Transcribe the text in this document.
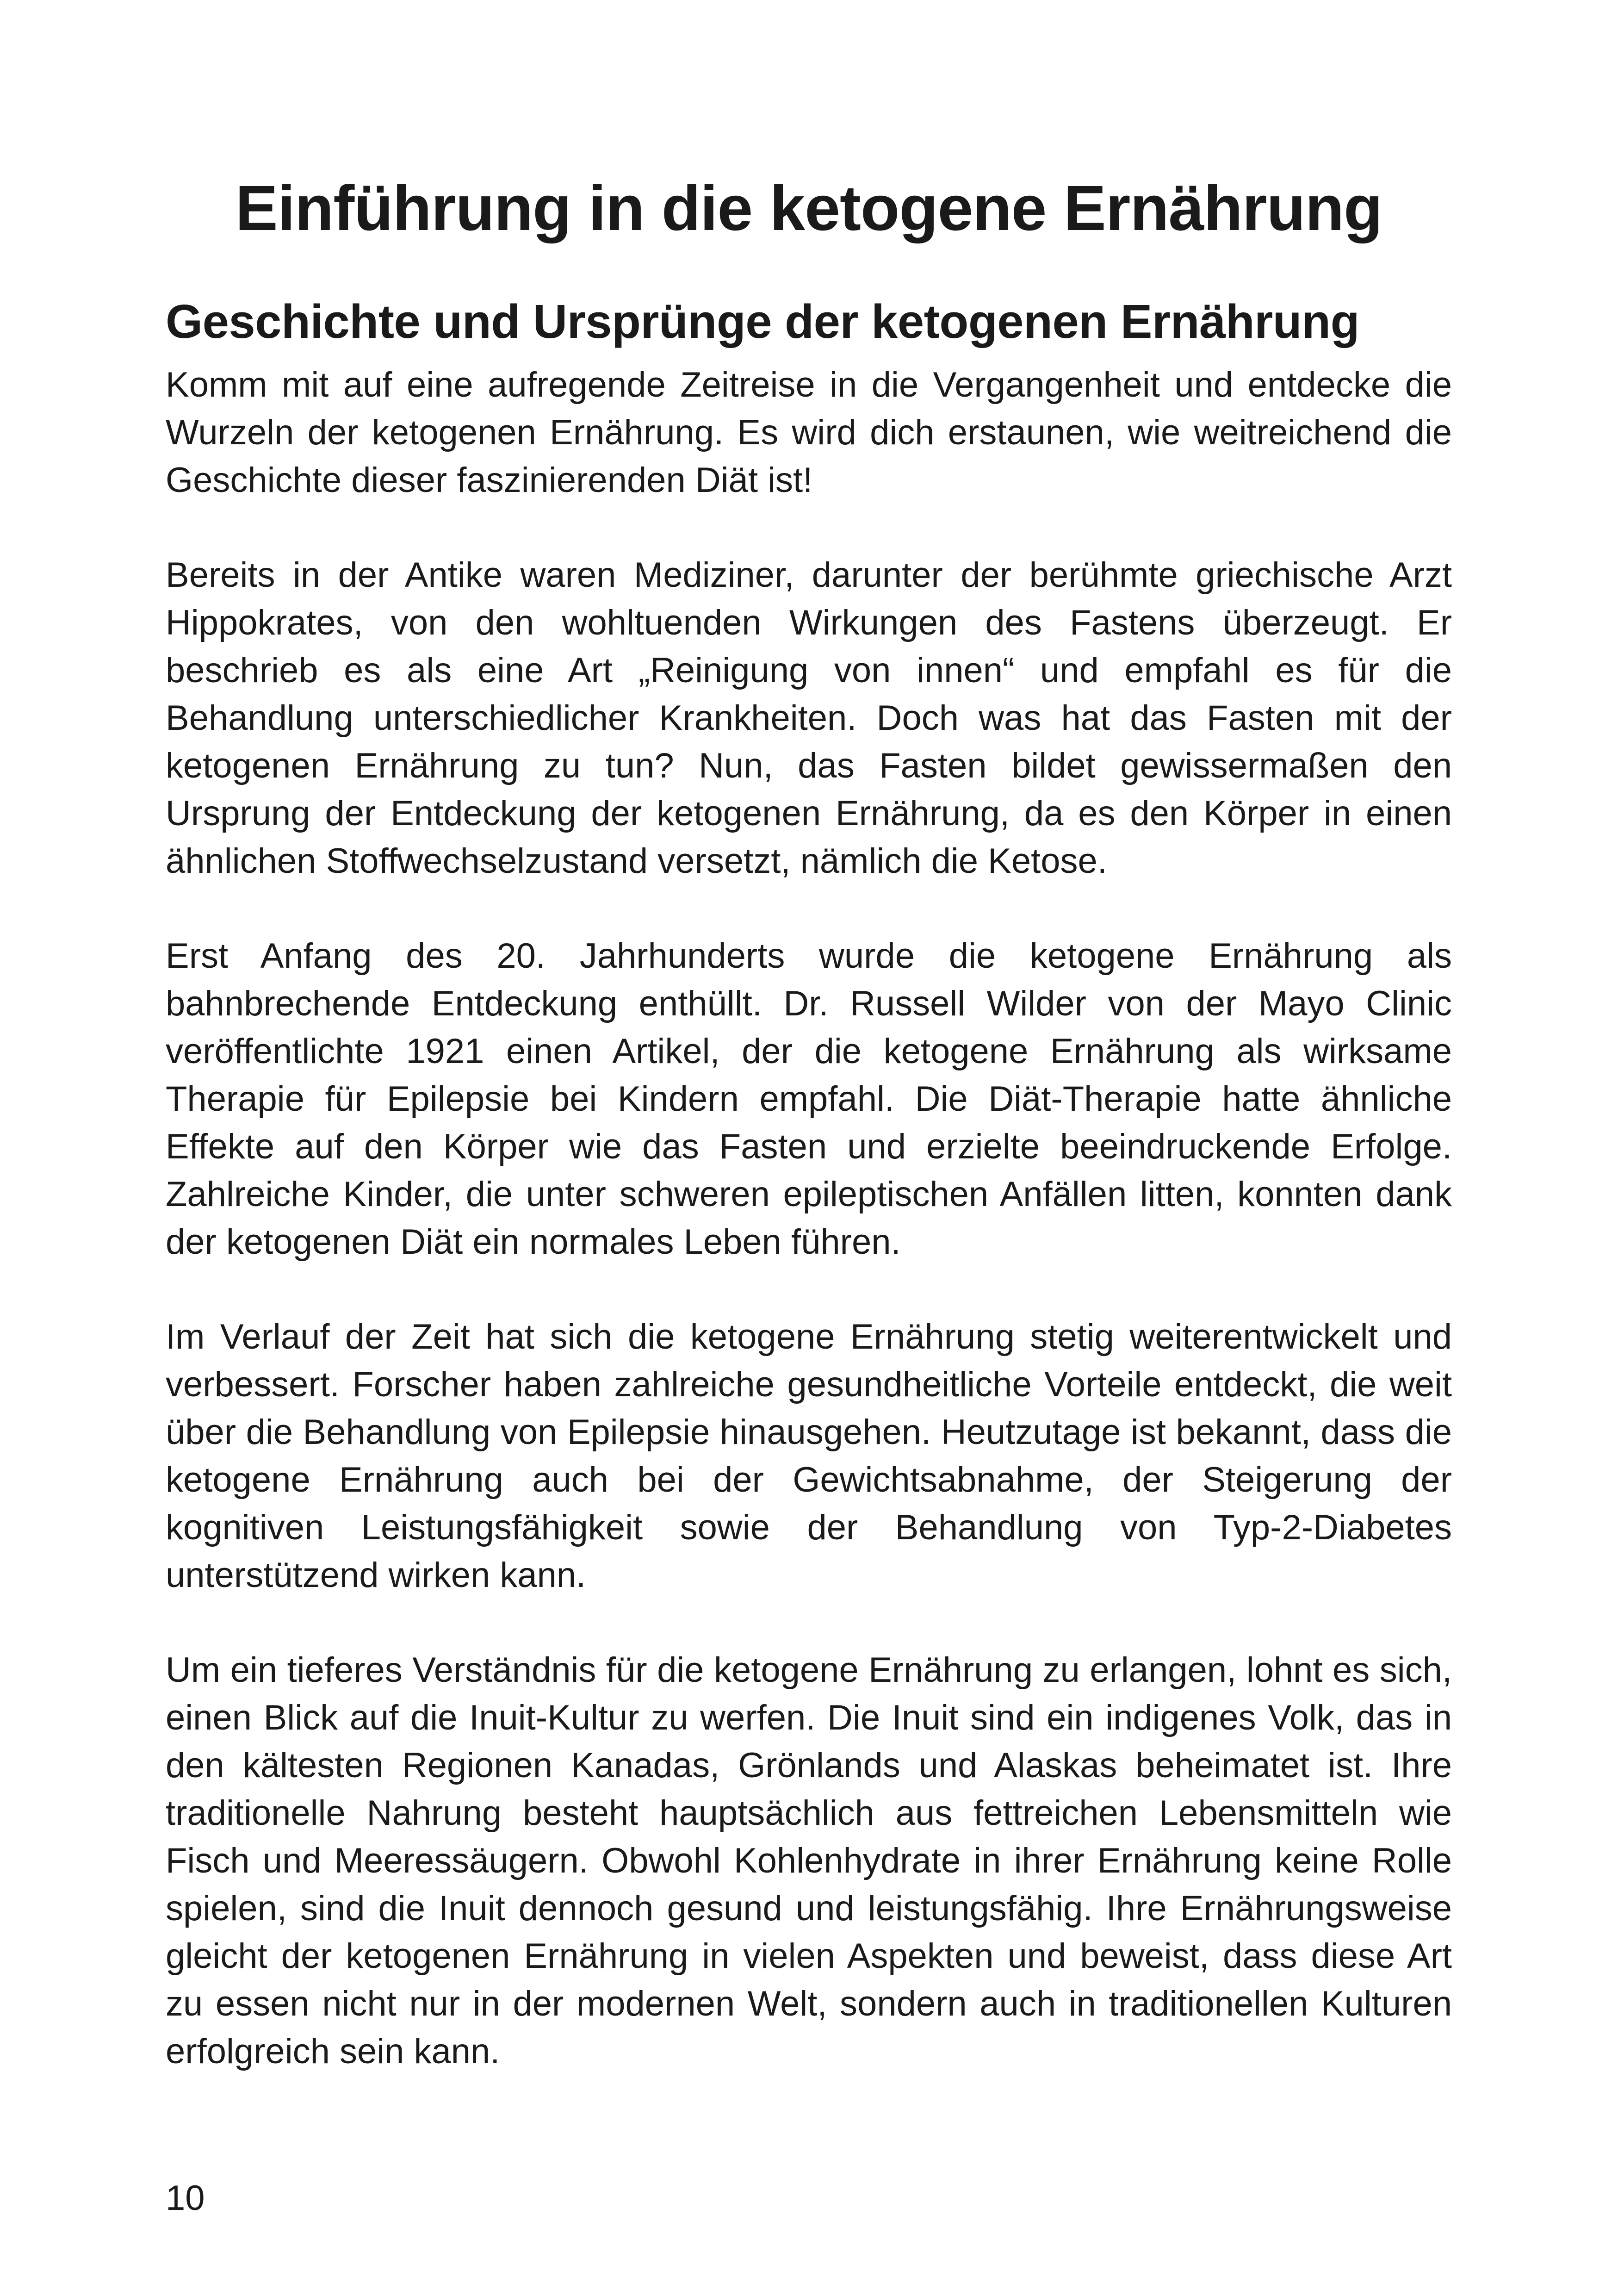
Einführung in die ketogene Ernährung
Geschichte und Ursprünge der ketogenen Ernährung

Komm mit auf eine aufregende Zeitreise in die Vergangenheit und entdecke die Wurzeln der ketogenen Ernährung. Es wird dich erstaunen, wie weitreichend die Geschichte dieser faszinierenden Diät ist!

Bereits in der Antike waren Mediziner, darunter der berühmte griechische Arzt Hippokrates, von den wohltuenden Wirkungen des Fastens überzeugt. Er beschrieb es als eine Art „Reinigung von innen“ und empfahl es für die Behandlung unterschiedlicher Krankheiten. Doch was hat das Fasten mit der ketogenen Ernährung zu tun? Nun, das Fasten bildet gewissermaßen den Ursprung der Entdeckung der ketogenen Ernährung, da es den Körper in einen ähnlichen Stoffwechselzustand versetzt, nämlich die Ketose.

Erst Anfang des 20. Jahrhunderts wurde die ketogene Ernährung als bahnbrechende Entdeckung enthüllt. Dr. Russell Wilder von der Mayo Clinic veröffentlichte 1921 einen Artikel, der die ketogene Ernährung als wirksame Therapie für Epilepsie bei Kindern empfahl. Die Diät-Therapie hatte ähnliche Effekte auf den Körper wie das Fasten und erzielte beeindruckende Erfolge. Zahlreiche Kinder, die unter schweren epileptischen Anfällen litten, konnten dank der ketogenen Diät ein normales Leben führen.

Im Verlauf der Zeit hat sich die ketogene Ernährung stetig weiterentwickelt und verbessert. Forscher haben zahlreiche gesundheitliche Vorteile entdeckt, die weit über die Behandlung von Epilepsie hinausgehen. Heutzutage ist bekannt, dass die ketogene Ernährung auch bei der Gewichtsabnahme, der Steigerung der kognitiven Leistungsfähigkeit sowie der Behandlung von Typ-2-Diabetes unterstützend wirken kann.

Um ein tieferes Verständnis für die ketogene Ernährung zu erlangen, lohnt es sich, einen Blick auf die Inuit-Kultur zu werfen. Die Inuit sind ein indigenes Volk, das in den kältesten Regionen Kanadas, Grönlands und Alaskas beheimatet ist. Ihre traditionelle Nahrung besteht hauptsächlich aus fettreichen Lebensmitteln wie Fisch und Meeressäugern. Obwohl Kohlenhydrate in ihrer Ernährung keine Rolle spielen, sind die Inuit dennoch gesund und leistungsfähig. Ihre Ernährungsweise gleicht der ketogenen Ernährung in vielen Aspekten und beweist, dass diese Art zu essen nicht nur in der modernen Welt, sondern auch in traditionellen Kulturen erfolgreich sein kann.

10
